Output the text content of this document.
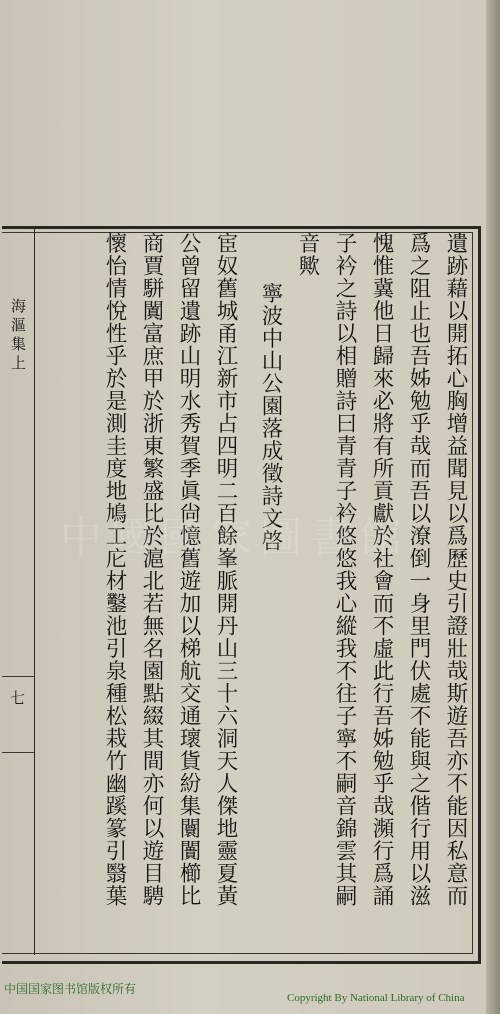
海漚集上
七	遺跡藉以開拓心胸增益聞見以爲歷史引證壯哉斯遊吾亦不能因私意而
爲之阻止也吾姊勉乎哉而吾以潦倒一身里門伏處不能與之偕行用以滋
愧惟冀他日歸來必將有所貢獻於社會而不虛此行吾姊勉乎哉瀕行爲誦
子衿之詩以相贈詩曰青青子衿悠悠我心縱我不往子寧不嗣音錦雲其嗣
音歟
寧波中山公園落成徵詩文啓
宦奴舊城甬江新市占四明二百餘峯脈開丹山三十六洞天人傑地靈夏黃
公曾留遺跡山明水秀賀季眞尙憶舊遊加以梯航交通瓌貨紛集闤闠櫛比
商賈駢闐富庶甲於浙東繁盛比於滬北若無名園點綴其間亦何以遊目騁
懷怡情悅性乎於是測圭度地鳩工庀材鑿池引泉種松栽竹幽蹊篆引翳葉
中國國家圖書館
中国国家图书馆版权所有
Copyright By National Library of China
